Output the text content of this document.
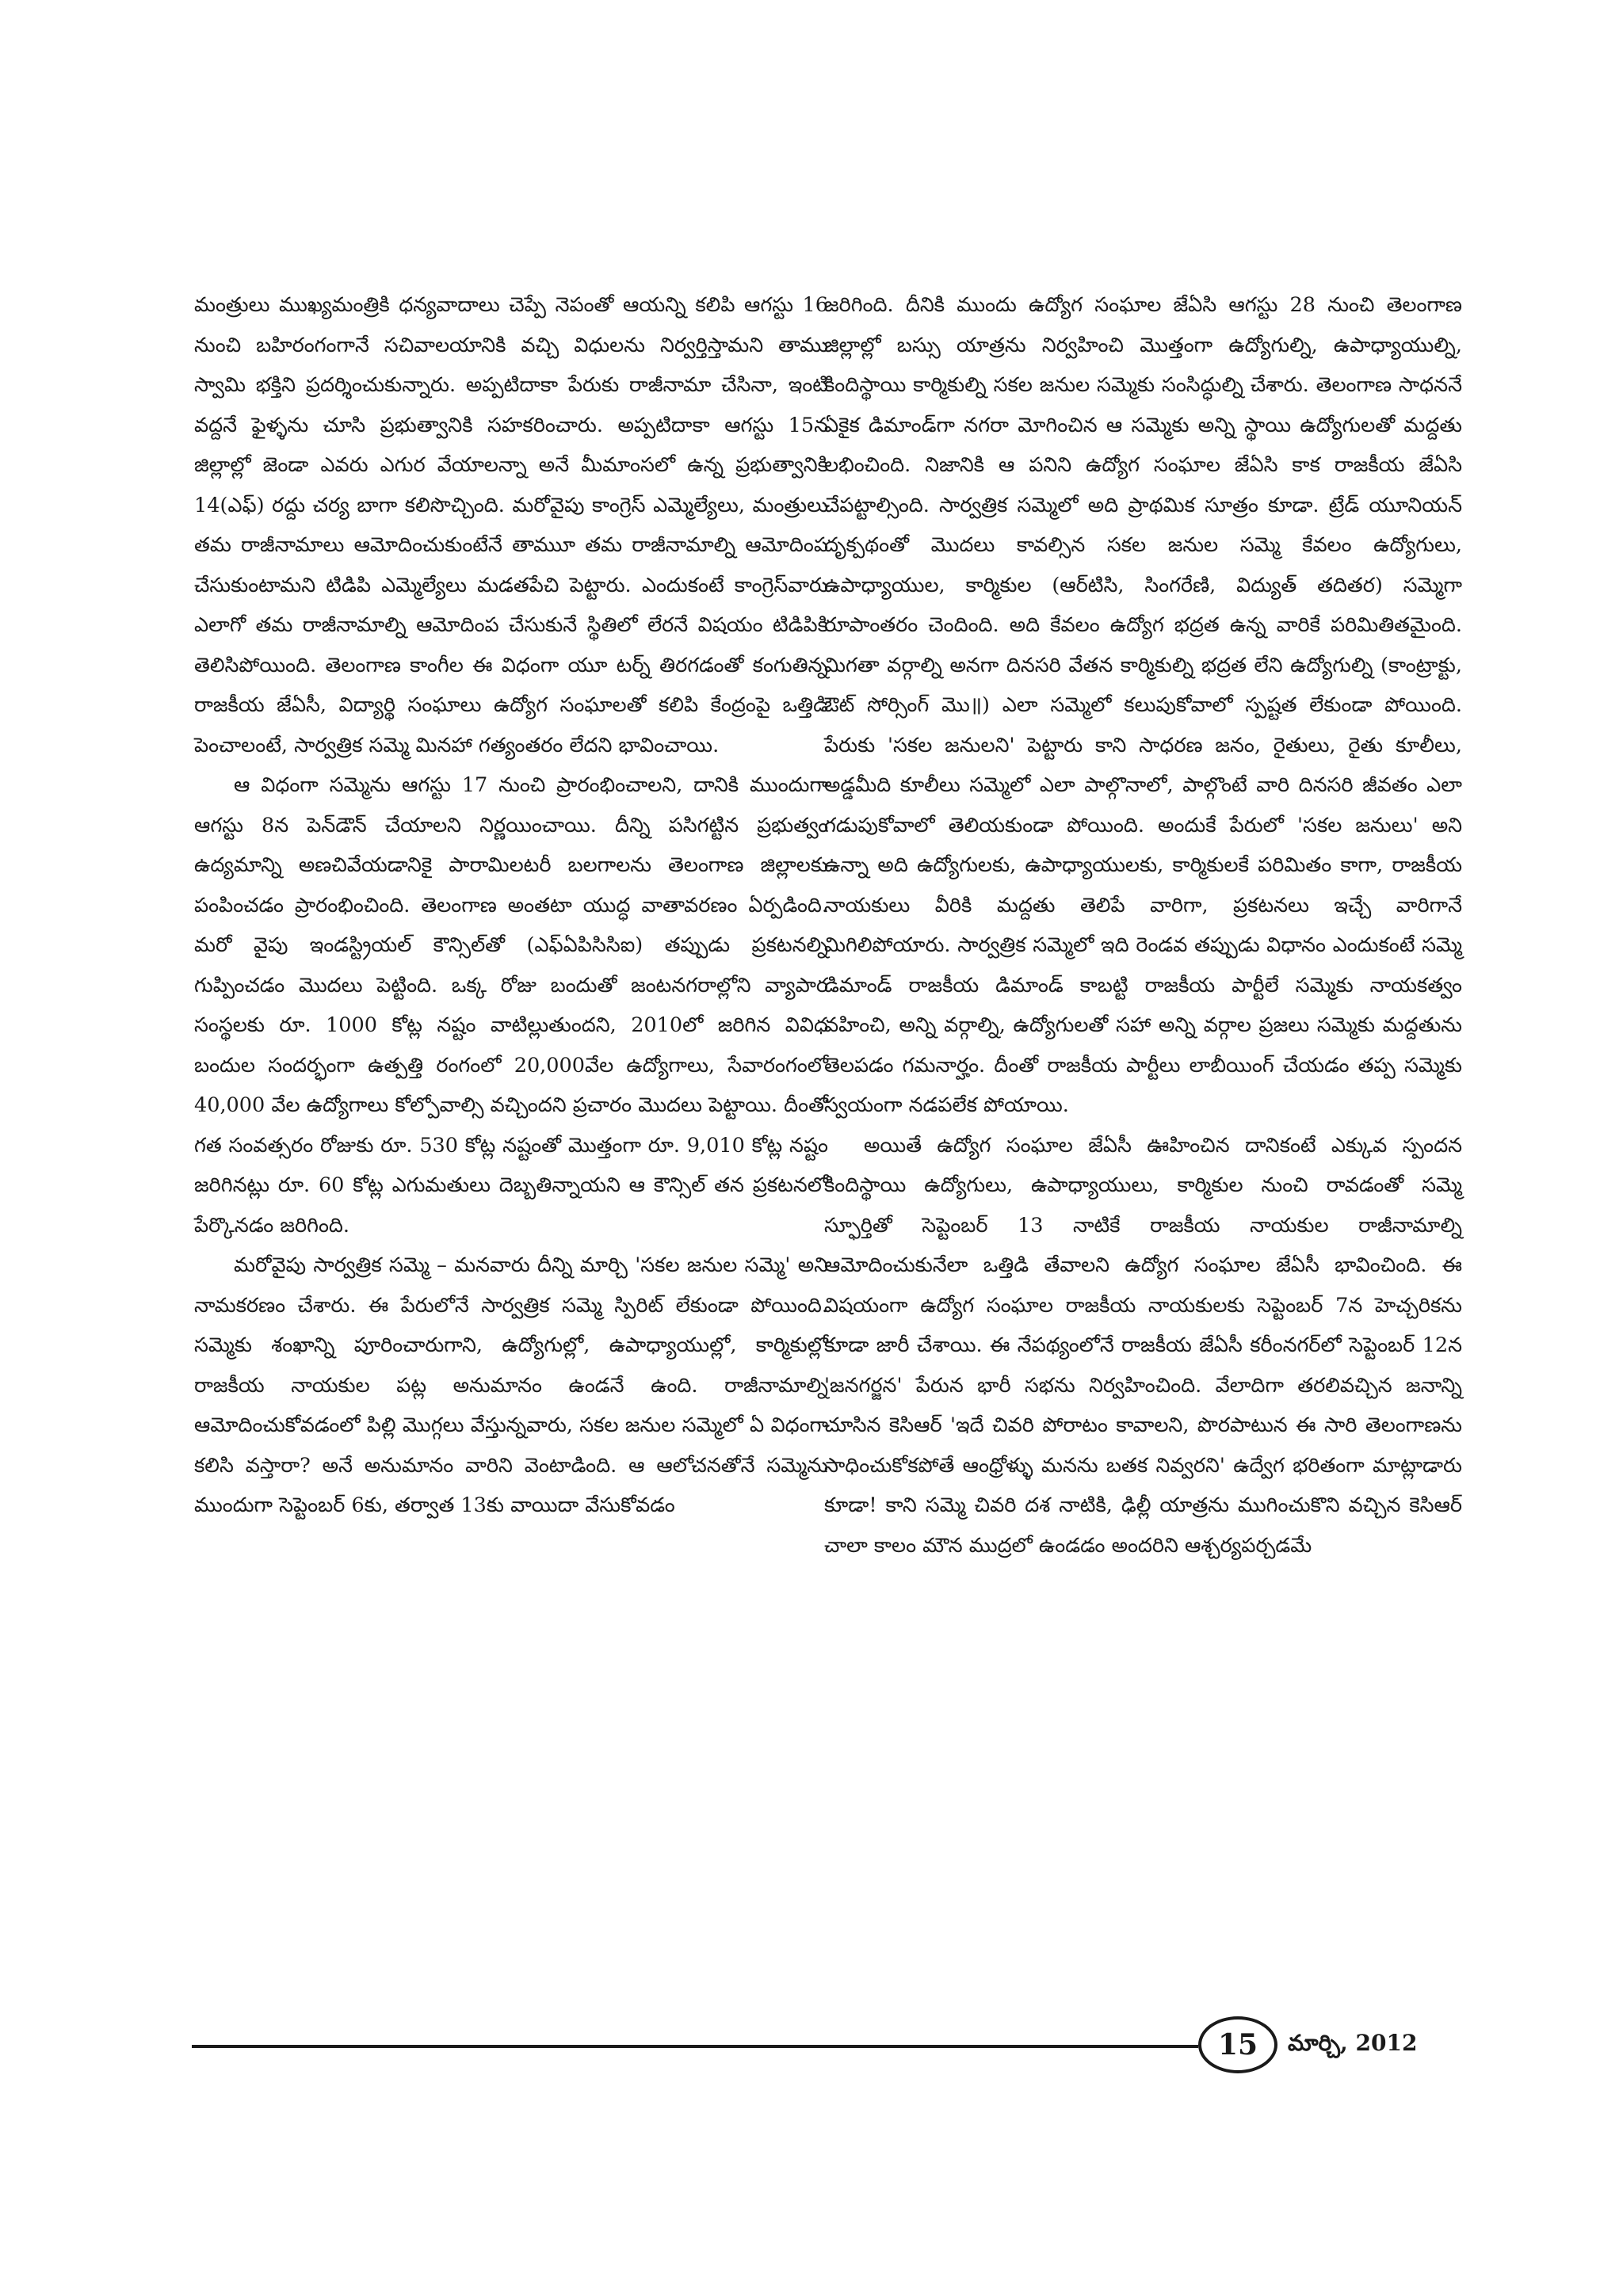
మంత్రులు ముఖ్యమంత్రికి ధన్యవాదాలు చెప్పే నెపంతో ఆయన్ని కలిపి ఆగస్టు 16 నుంచి బహిరంగంగానే సచివాలయానికి వచ్చి విధులను నిర్వర్తిస్తామని తాము స్వామి భక్తిని ప్రదర్శించుకున్నారు. అప్పటిదాకా పేరుకు రాజీనామా చేసినా, ఇంటి వద్దనే ఫైళ్ళను చూసి ప్రభుత్వానికి సహకరించారు. అప్పటిదాకా ఆగస్టు 15న జిల్లాల్లో జెండా ఎవరు ఎగుర వేయాలన్నా అనే మీమాంసలో ఉన్న ప్రభుత్వానికి 14(ఎఫ్) రద్దు చర్య బాగా కలిసొచ్చింది. మరోవైపు కాంగ్రెస్ ఎమ్మెల్యేలు, మంత్రులు తమ రాజీనామాలు ఆమోదించుకుంటేనే తాముూ తమ రాజీనామాల్ని ఆమోదింప చేసుకుంటామని టిడిపి ఎమ్మెల్యేలు మడతపేచి పెట్టారు. ఎందుకంటే కాంగ్రెస్‌వారు ఎలాగో తమ రాజీనామాల్ని ఆమోదింప చేసుకునే స్థితిలో లేరనే విషయం టిడిపికి తెలిసిపోయింది. తెలంగాణ కాంగీల ఈ విధంగా యూ టర్న్ తిరగడంతో కంగుతిన్న రాజకీయ జేఏసీ, విద్యార్థి సంఘాలు ఉద్యోగ సంఘాలతో కలిపి కేంద్రంపై ఒత్తిడి పెంచాలంటే, సార్వత్రిక సమ్మె మినహా గత్యంతరం లేదని భావించాయి.

ఆ విధంగా సమ్మెను ఆగస్టు 17 నుంచి ప్రారంభించాలని, దానికి ముందుగా ఆగస్టు 8న పెన్‌డౌన్ చేయాలని నిర్ణయించాయి. దీన్ని పసిగట్టిన ప్రభుత్వం ఉద్యమాన్ని అణచివేయడానికై పారామిలటరీ బలగాలను తెలంగాణ జిల్లాలకు పంపించడం ప్రారంభించింది. తెలంగాణ అంతటా యుద్ధ వాతావరణం ఏర్పడింది. మరో వైపు ఇండస్ట్రియల్ కౌన్సిల్‌తో (ఎఫ్ఏపిసిసిఐ) తప్పుడు ప్రకటనల్ని గుప్పించడం మొదలు పెట్టింది. ఒక్క రోజు బందుతో జంటనగరాల్లోని వ్యాపార సంస్థలకు రూ. 1000 కోట్ల నష్టం వాటిల్లుతుందని, 2010లో జరిగిన వివిధ బందుల సందర్భంగా ఉత్పత్తి రంగంలో 20,000వేల ఉద్యోగాలు, సేవారంగంలో 40,000 వేల ఉద్యోగాలు కోల్పోవాల్సి వచ్చిందని ప్రచారం మొదలు పెట్టాయి. దీంతో గత సంవత్సరం రోజుకు రూ. 530 కోట్ల నష్టంతో మొత్తంగా రూ. 9,010 కోట్ల నష్టం జరిగినట్లు రూ. 60 కోట్ల ఎగుమతులు దెబ్బతిన్నాయని ఆ కౌన్సిల్ తన ప్రకటనలో పేర్కొనడం జరిగింది.

మరోవైపు సార్వత్రిక సమ్మె – మనవారు దీన్ని మార్చి 'సకల జనుల సమ్మె' అని నామకరణం చేశారు. ఈ పేరులోనే సార్వత్రిక సమ్మె స్పిరిట్ లేకుండా పోయింది. సమ్మెకు శంఖాన్ని పూరించారుగాని, ఉద్యోగుల్లో, ఉపాధ్యాయుల్లో, కార్మికుల్లో రాజకీయ నాయకుల పట్ల అనుమానం ఉండనే ఉంది. రాజీనామాల్ని ఆమోదించుకోవడంలో పిల్లి మొగ్గలు వేస్తున్నవారు, సకల జనుల సమ్మెలో ఏ విధంగా కలిసి వస్తారా? అనే అనుమానం వారిని వెంటాడింది. ఆ ఆలోచనతోనే సమ్మెను ముందుగా సెప్టెంబర్ 6కు, తర్వాత 13కు వాయిదా వేసుకోవడం

జరిగింది. దీనికి ముందు ఉద్యోగ సంఘాల జేఏసి ఆగస్టు 28 నుంచి తెలంగాణ జిల్లాల్లో బస్సు యాత్రను నిర్వహించి మొత్తంగా ఉద్యోగుల్ని, ఉపాధ్యాయుల్ని, కిందిస్థాయి కార్మికుల్ని సకల జనుల సమ్మెకు సంసిద్ధుల్ని చేశారు. తెలంగాణ సాధననే ఏకైక డిమాండ్‌గా నగరా మోగించిన ఆ సమ్మెకు అన్ని స్థాయి ఉద్యోగులతో మద్దతు లభించింది. నిజానికి ఆ పనిని ఉద్యోగ సంఘాల జేఏసి కాక రాజకీయ జేఏసి చేపట్టాల్సింది. సార్వత్రిక సమ్మెలో అది ప్రాథమిక సూత్రం కూడా. ట్రేడ్ యూనియన్ దృక్పథంతో మొదలు కావల్సిన సకల జనుల సమ్మె కేవలం ఉద్యోగులు, ఉపాధ్యాయుల, కార్మికుల (ఆర్‌టిసి, సింగరేణి, విద్యుత్ తదితర) సమ్మెగా రూపాంతరం చెందింది. అది కేవలం ఉద్యోగ భద్రత ఉన్న వారికే పరిమితితమైంది. మిగతా వర్గాల్ని అనగా దినసరి వేతన కార్మికుల్ని భద్రత లేని ఉద్యోగుల్ని (కాంట్రాక్టు, ఔట్ సోర్సింగ్ మొ॥) ఎలా సమ్మెలో కలుపుకోవాలో స్పష్టత లేకుండా పోయింది. పేరుకు 'సకల జనులని' పెట్టారు కాని సాధరణ జనం, రైతులు, రైతు కూలీలు, అడ్డమీది కూలీలు సమ్మెలో ఎలా పాల్గొనాలో, పాల్గొంటే వారి దినసరి జీవతం ఎలా గడుపుకోవాలో తెలియకుండా పోయింది. అందుకే పేరులో 'సకల జనులు' అని ఉన్నా అది ఉద్యోగులకు, ఉపాధ్యాయులకు, కార్మికులకే పరిమితం కాగా, రాజకీయ నాయకులు వీరికి మద్దతు తెలిపే వారిగా, ప్రకటనలు ఇచ్చే వారిగానే మిగిలిపోయారు. సార్వత్రిక సమ్మెలో ఇది రెండవ తప్పుడు విధానం ఎందుకంటే సమ్మె డిమాండ్ రాజకీయ డిమాండ్ కాబట్టి రాజకీయ పార్టీలే సమ్మెకు నాయకత్వం వహించి, అన్ని వర్గాల్ని, ఉద్యోగులతో సహా అన్ని వర్గాల ప్రజలు సమ్మెకు మద్దతును తెలపడం గమనార్హం. దీంతో రాజకీయ పార్టీలు లాబీయింగ్ చేయడం తప్ప సమ్మెకు స్వయంగా నడపలేక పోయాయి.

అయితే ఉద్యోగ సంఘాల జేఏసీ ఊహించిన దానికంటే ఎక్కువ స్పందన కిందిస్థాయి ఉద్యోగులు, ఉపాధ్యాయులు, కార్మికుల నుంచి రావడంతో సమ్మె స్ఫూర్తితో సెప్టెంబర్ 13 నాటికే రాజకీయ నాయకుల రాజీనామాల్ని ఆమోదించుకునేలా ఒత్తిడి తేవాలని ఉద్యోగ సంఘాల జేఏసీ భావించింది. ఈ విషయంగా ఉద్యోగ సంఘాల రాజకీయ నాయకులకు సెప్టెంబర్ 7న హెచ్చరికను కూడా జారీ చేశాయి. ఈ నేపథ్యంలోనే రాజకీయ జేఏసీ కరీంనగర్‌లో సెప్టెంబర్ 12న 'జనగర్జన' పేరున భారీ సభను నిర్వహించింది. వేలాదిగా తరలివచ్చిన జనాన్ని చూసిన కెసిఆర్ 'ఇదే చివరి పోరాటం కావాలని, పొరపాటున ఈ సారి తెలంగాణను సాధించుకోకపోతే ఆంధ్రోళ్ళు మనను బతక నివ్వరని' ఉద్వేగ భరితంగా మాట్లాడారు కూడా! కాని సమ్మె చివరి దశ నాటికి, ఢిల్లీ యాత్రను ముగించుకొని వచ్చిన కెసిఆర్ చాలా కాలం మౌన ముద్రలో ఉండడం అందరిని ఆశ్చర్యపర్చడమే

15 మార్చి, 2012
